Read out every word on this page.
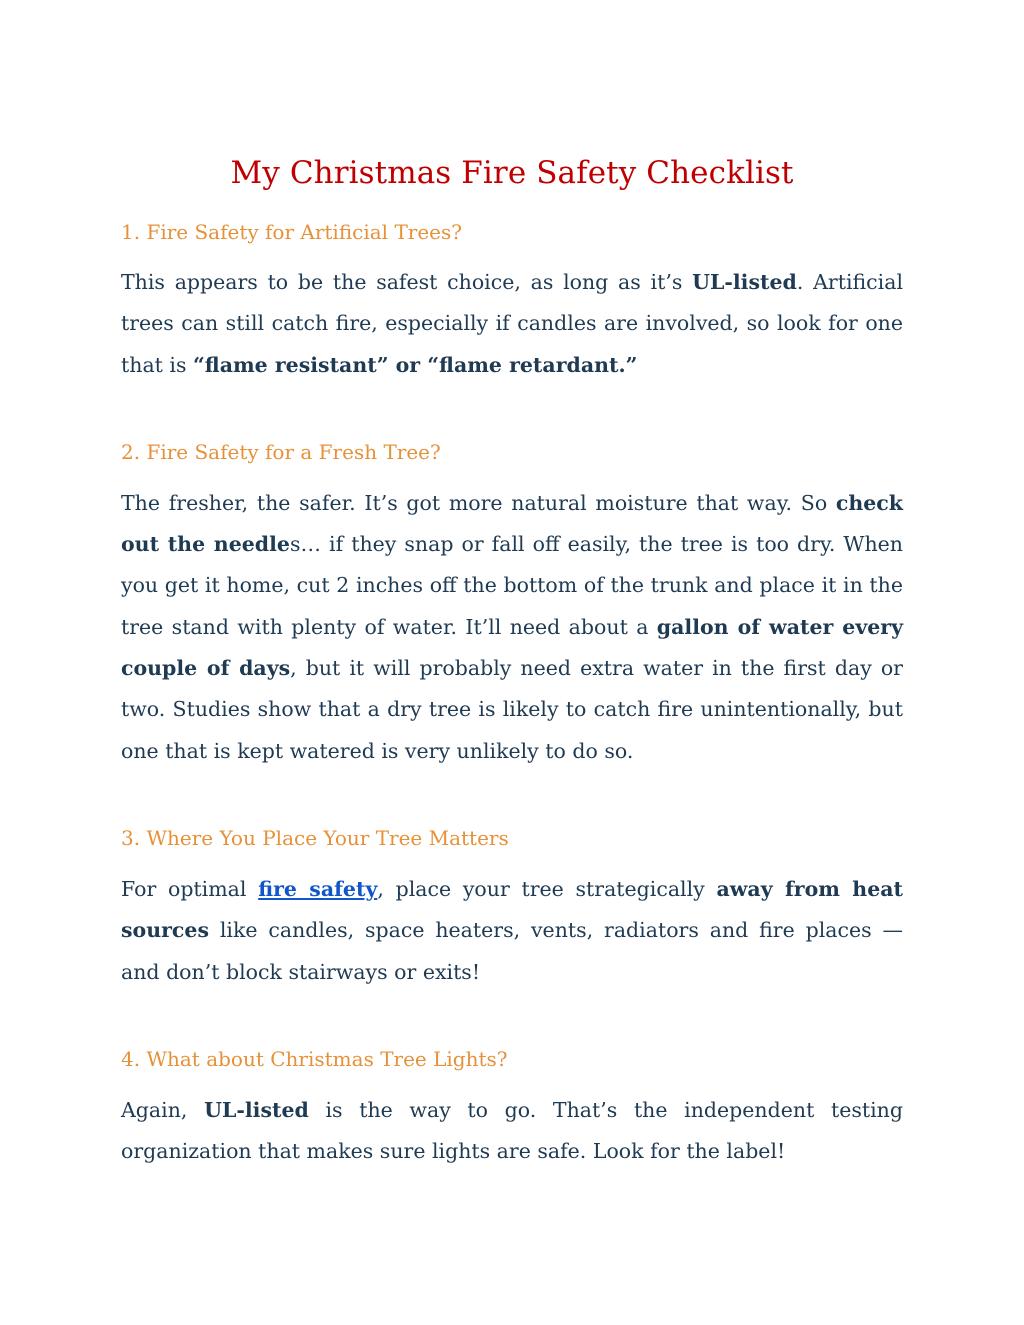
My Christmas Fire Safety Checklist
1. Fire Safety for Artificial Trees?

This appears to be the safest choice, as long as it’s UL-listed. Artificial trees can still catch fire, especially if candles are involved, so look for one that is “flame resistant” or “flame retardant.”

2. Fire Safety for a Fresh Tree?

The fresher, the safer. It’s got more natural moisture that way. So check out the needles… if they snap or fall off easily, the tree is too dry. When you get it home, cut 2 inches off the bottom of the trunk and place it in the tree stand with plenty of water. It’ll need about a gallon of water every couple of days, but it will probably need extra water in the first day or two. Studies show that a dry tree is likely to catch fire unintentionally, but one that is kept watered is very unlikely to do so.

3. Where You Place Your Tree Matters

For optimal fire safety, place your tree strategically away from heat sources like candles, space heaters, vents, radiators and fire places — and don’t block stairways or exits!

4. What about Christmas Tree Lights?

Again, UL-listed is the way to go. That’s the independent testing organization that makes sure lights are safe. Look for the label!
